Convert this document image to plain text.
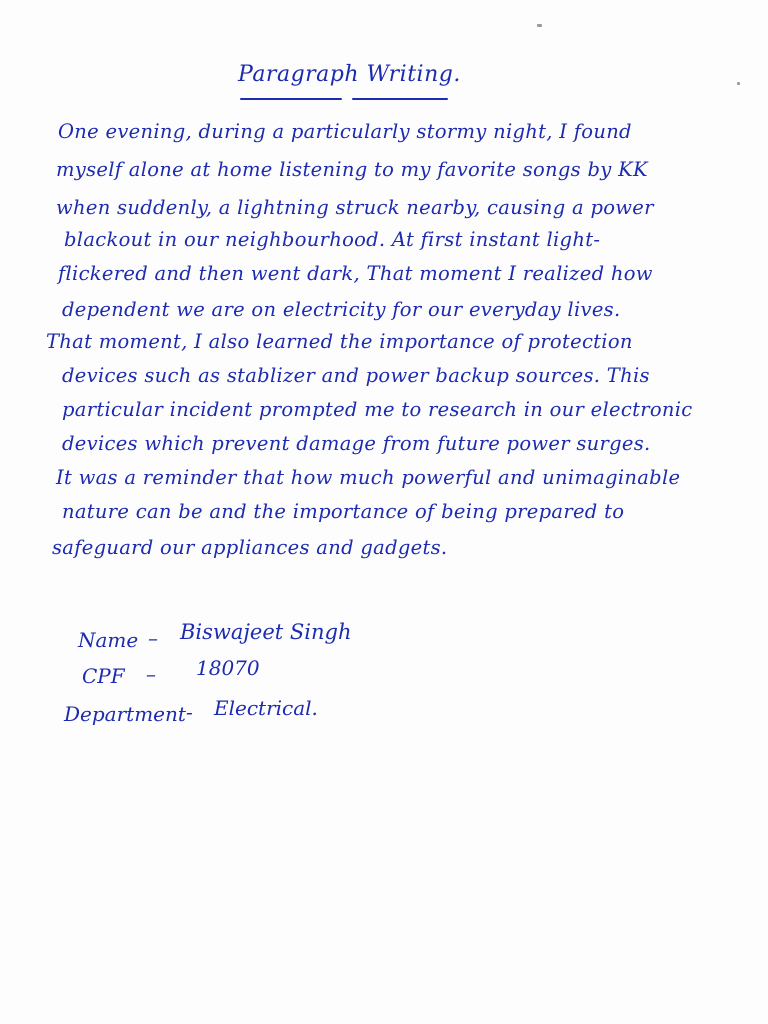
Paragraph Writing.
One evening, during a particularly stormy night, I found
myself alone at home listening to my favorite songs by KK
when suddenly, a lightning struck nearby, causing a power
blackout in our neighbourhood. At first instant light-
flickered and then went dark, That moment I realized how
dependent we are on electricity for our everyday lives.
That moment, I also learned the importance of protection
devices such as stablizer and power backup sources. This
particular incident prompted me to research in our electronic
devices which prevent damage from future power surges.
It was a reminder that how much powerful and unimaginable
nature can be and the importance of being prepared to
safeguard our appliances and gadgets.
Name – Biswajeet Singh
CPF – 18070
Department - Electrical.
